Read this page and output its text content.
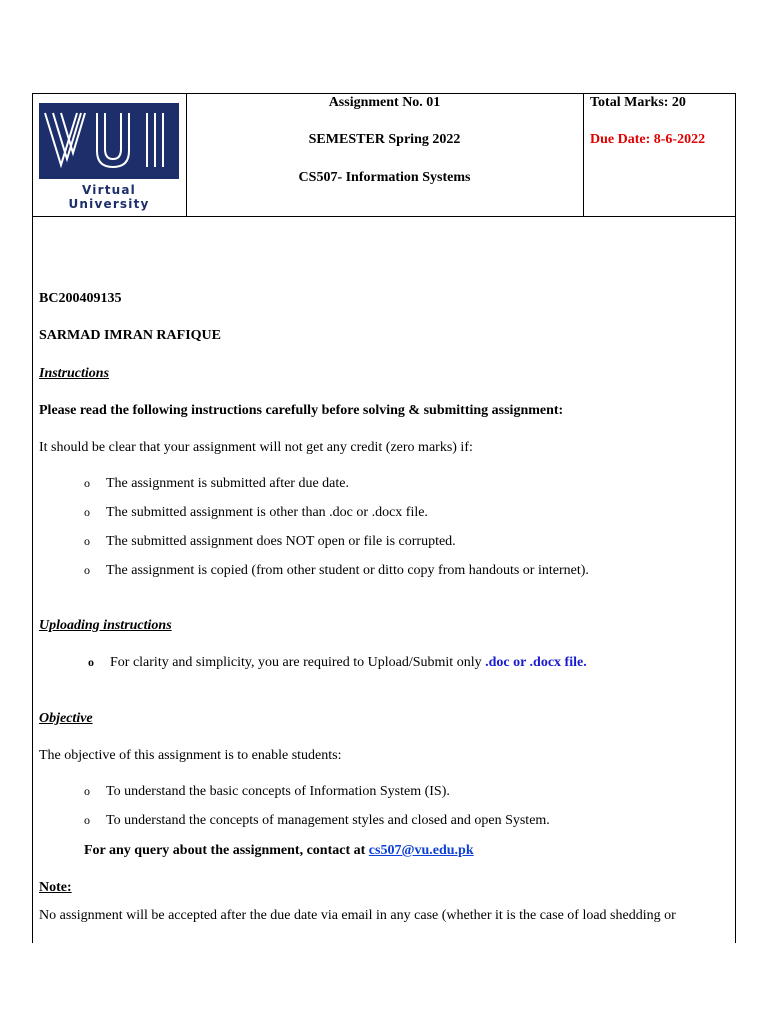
Virtual University
Assignment No. 01
SEMESTER Spring 2022
CS507- Information Systems
Total Marks: 20
Due Date: 8-6-2022
BC200409135
SARMAD IMRAN RAFIQUE
Instructions
Please read the following instructions carefully before solving & submitting assignment:
It should be clear that your assignment will not get any credit (zero marks) if:
o The assignment is submitted after due date.
o The submitted assignment is other than .doc or .docx file.
o The submitted assignment does NOT open or file is corrupted.
o The assignment is copied (from other student or ditto copy from handouts or internet).
Uploading instructions
o For clarity and simplicity, you are required to Upload/Submit only .doc or .docx file.
Objective
The objective of this assignment is to enable students:
o To understand the basic concepts of Information System (IS).
o To understand the concepts of management styles and closed and open System.
For any query about the assignment, contact at cs507@vu.edu.pk
Note:
No assignment will be accepted after the due date via email in any case (whether it is the case of load shedding or
